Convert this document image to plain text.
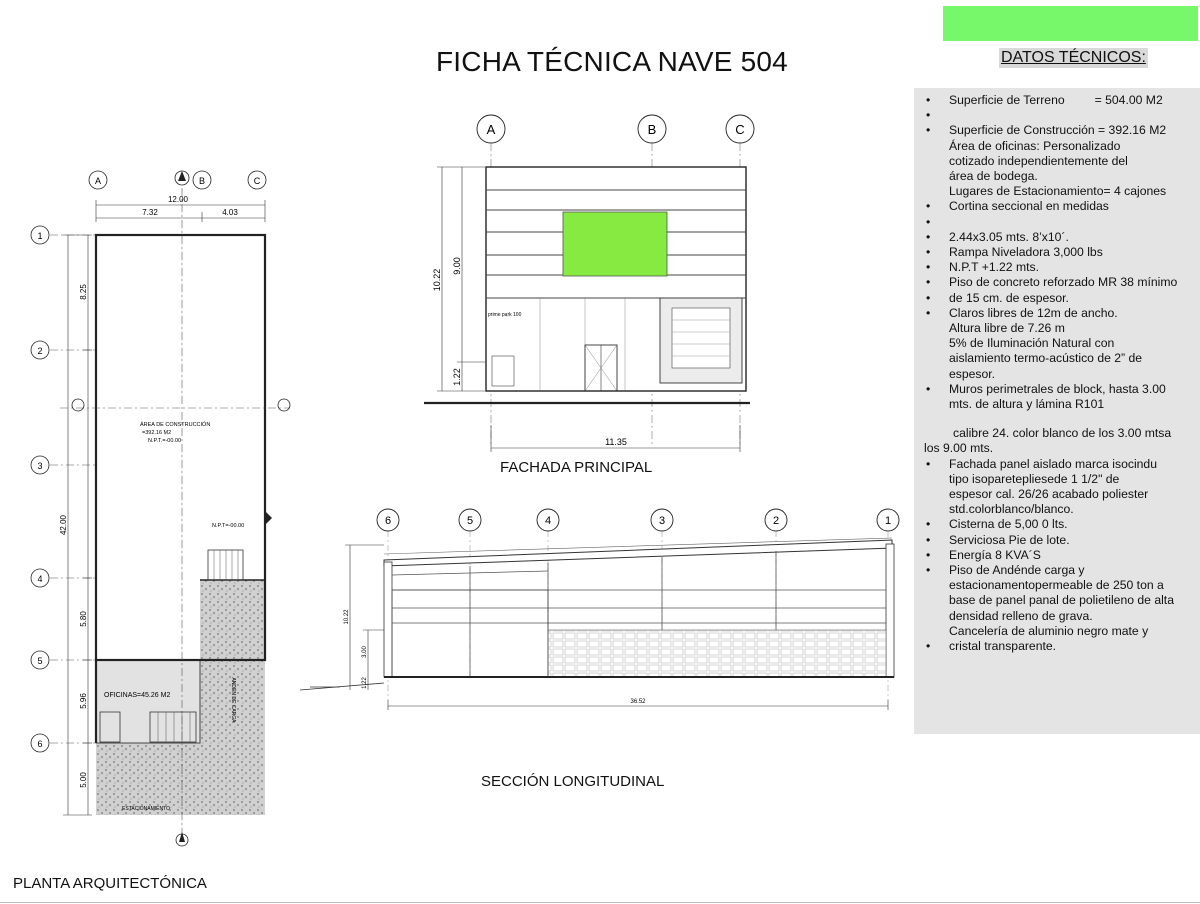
FICHA TÉCNICA NAVE 504	DATOS TÉCNICOS:
• Superficie de Terreno = 504.00 M2
•
• Superficie de Construcción = 392.16 M2
Área de oficinas: Personalizado
cotizado independientemente del
área de bodega.
Lugares de Estacionamiento= 4 cajones
• Cortina seccional en medidas
•
• 2.44x3.05 mts. 8’x10´.
• Rampa Niveladora 3,000 lbs
• N.P.T +1.22 mts.
• Piso de concreto reforzado MR 38 mínimo
• de 15 cm. de espesor.
• Claros libres de 12m de ancho.
Altura libre de 7.26 m
5% de Iluminación Natural con
aislamiento termo-acústico de 2” de
espesor.
• Muros perimetrales de block, hasta 3.00
mts. de altura y lámina R101
calibre 24. color blanco de los 3.00 mtsa
los 9.00 mts.
• Fachada panel aislado marca isocindu
tipo isoparetepliesede 1 1/2" de
espesor cal. 26/26 acabado poliester
std.colorblanco/blanco.
• Cisterna de 5,00 0 lts.
• Serviciosa Pie de lote.
• Energía 8 KVA´S
• Piso de Andénde carga y
estacionamentopermeable de 250 ton a
base de panel panal de polietileno de alta
densidad relleno de grava.
Cancelería de aluminio negro mate y
• cristal transparente.
A	B	C
12.00
7.32	4.03
1
2
3
4
5
6
42.00
8.25
5.80
5.96
5.00
ÁREA DE CONSTRUCCIÓN
=392.16 M2
N.P.T.=-00.00
N.P.T=-00.00
OFICINAS=45.26 M2	ANDÉN DE CARGA
ESTACIONAMIENTO
PLANTA ARQUITECTÓNICA
A	B	C
prime park 100
10.22
9.00
1.22
11.35
FACHADA PRINCIPAL
6	5	4	3	2	1
10.22
3.00
1.22
36.52
SECCIÓN LONGITUDINAL
